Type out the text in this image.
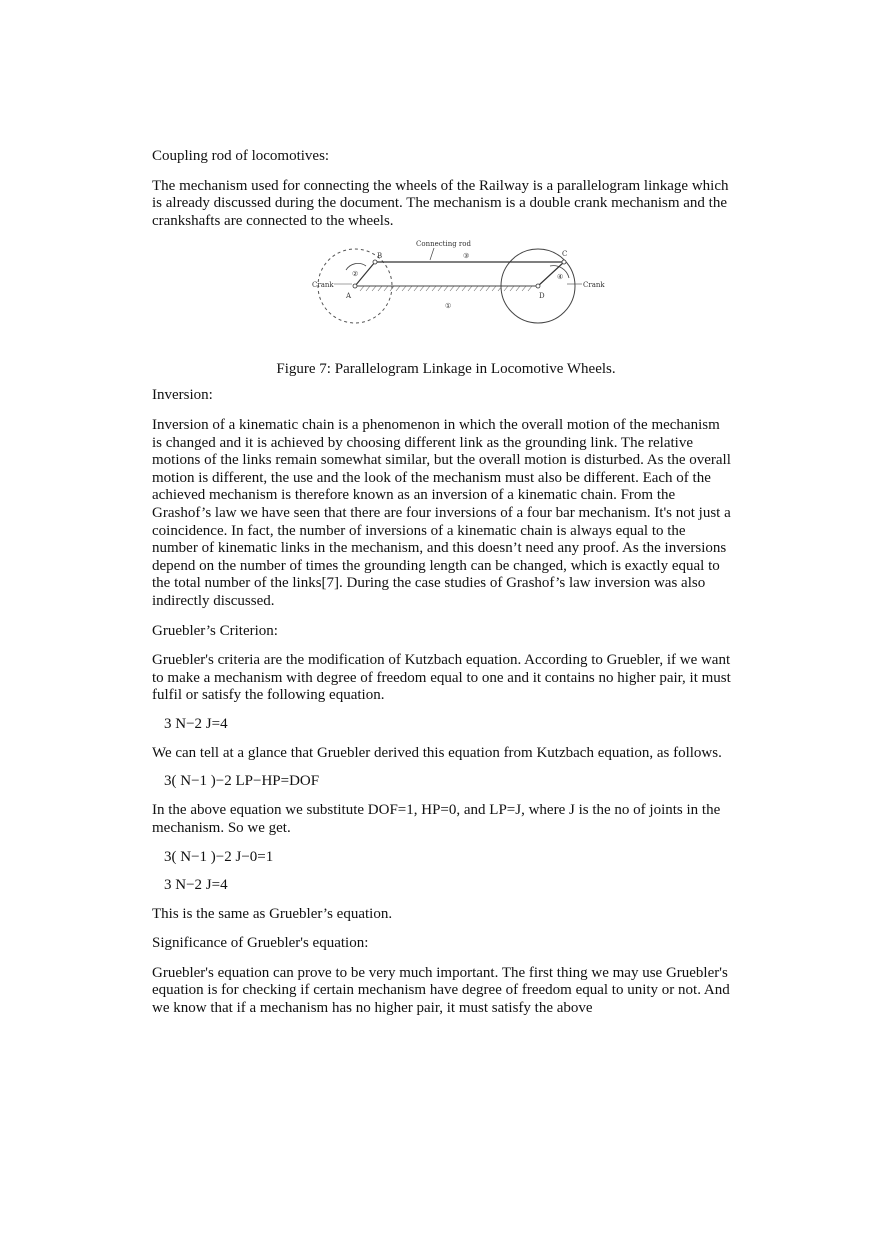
Coupling rod of locomotives:

The mechanism used for connecting the wheels of the Railway is a parallelogram linkage which is already discussed during the document. The mechanism is a double crank mechanism and the crankshafts are connected to the wheels.

Connecting rod
Crank	Crank
A
B	C
D
①
②
③
④

Figure 7: Parallelogram Linkage in Locomotive Wheels.

Inversion:

Inversion of a kinematic chain is a phenomenon in which the overall motion of the mechanism is changed and it is achieved by choosing different link as the grounding link. The relative motions of the links remain somewhat similar, but the overall motion is disturbed. As the overall motion is different, the use and the look of the mechanism must also be different. Each of the achieved mechanism is therefore known as an inversion of a kinematic chain. From the Grashof’s law we have seen that there are four inversions of a four bar mechanism. It's not just a coincidence. In fact, the number of inversions of a kinematic chain is always equal to the number of kinematic links in the mechanism, and this doesn’t need any proof. As the inversions depend on the number of times the grounding length can be changed, which is exactly equal to the total number of the links[7]. During the case studies of Grashof’s law inversion was also indirectly discussed.

Gruebler’s Criterion:

Gruebler's criteria are the modification of Kutzbach equation. According to Gruebler, if we want to make a mechanism with degree of freedom equal to one and it contains no higher pair, it must fulfil or satisfy the following equation.

3 N−2 J=4

We can tell at a glance that Gruebler derived this equation from Kutzbach equation, as follows.

3( N−1 )−2 LP−HP=DOF

In the above equation we substitute DOF=1, HP=0, and LP=J, where J is the no of joints in the mechanism. So we get.

3( N−1 )−2 J−0=1

3 N−2 J=4

This is the same as Gruebler’s equation.

Significance of Gruebler's equation:

Gruebler's equation can prove to be very much important. The first thing we may use Gruebler's equation is for checking if certain mechanism have degree of freedom equal to unity or not. And we know that if a mechanism has no higher pair, it must satisfy the above
